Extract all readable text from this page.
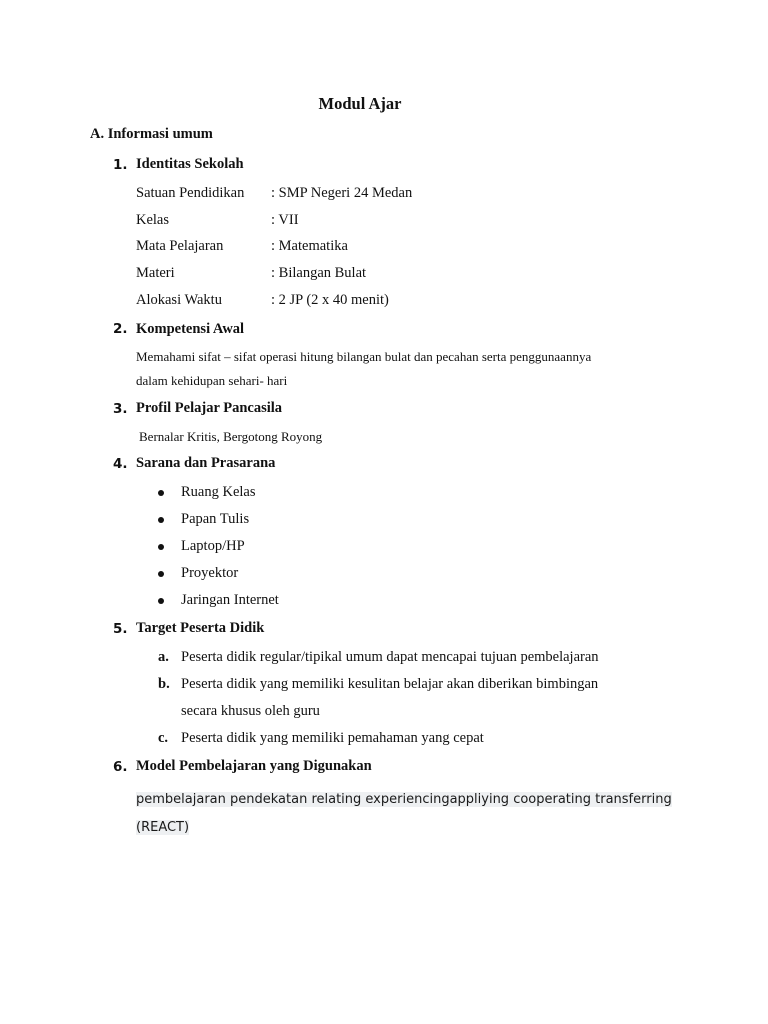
Modul Ajar
A. Informasi umum
1. Identitas Sekolah
Satuan Pendidikan : SMP Negeri 24 Medan
Kelas	: VII
Mata Pelajaran	: Matematika
Materi	: Bilangan Bulat
Alokasi Waktu	: 2 JP (2 x 40 menit)
2. Kompetensi Awal
Memahami sifat – sifat operasi hitung bilangan bulat dan pecahan serta penggunaannya
dalam kehidupan sehari- hari
3. Profil Pelajar Pancasila
Bernalar Kritis, Bergotong Royong
4. Sarana dan Prasarana
Ruang Kelas
Papan Tulis
Laptop/HP
Proyektor
Jaringan Internet
5. Target Peserta Didik
a. Peserta didik regular/tipikal umum dapat mencapai tujuan pembelajaran
b. Peserta didik yang memiliki kesulitan belajar akan diberikan bimbingan
secara khusus oleh guru
c. Peserta didik yang memiliki pemahaman yang cepat
6. Model Pembelajaran yang Digunakan
pembelajaran pendekatan relating experiencingappliying cooperating transferring
(REACT)
